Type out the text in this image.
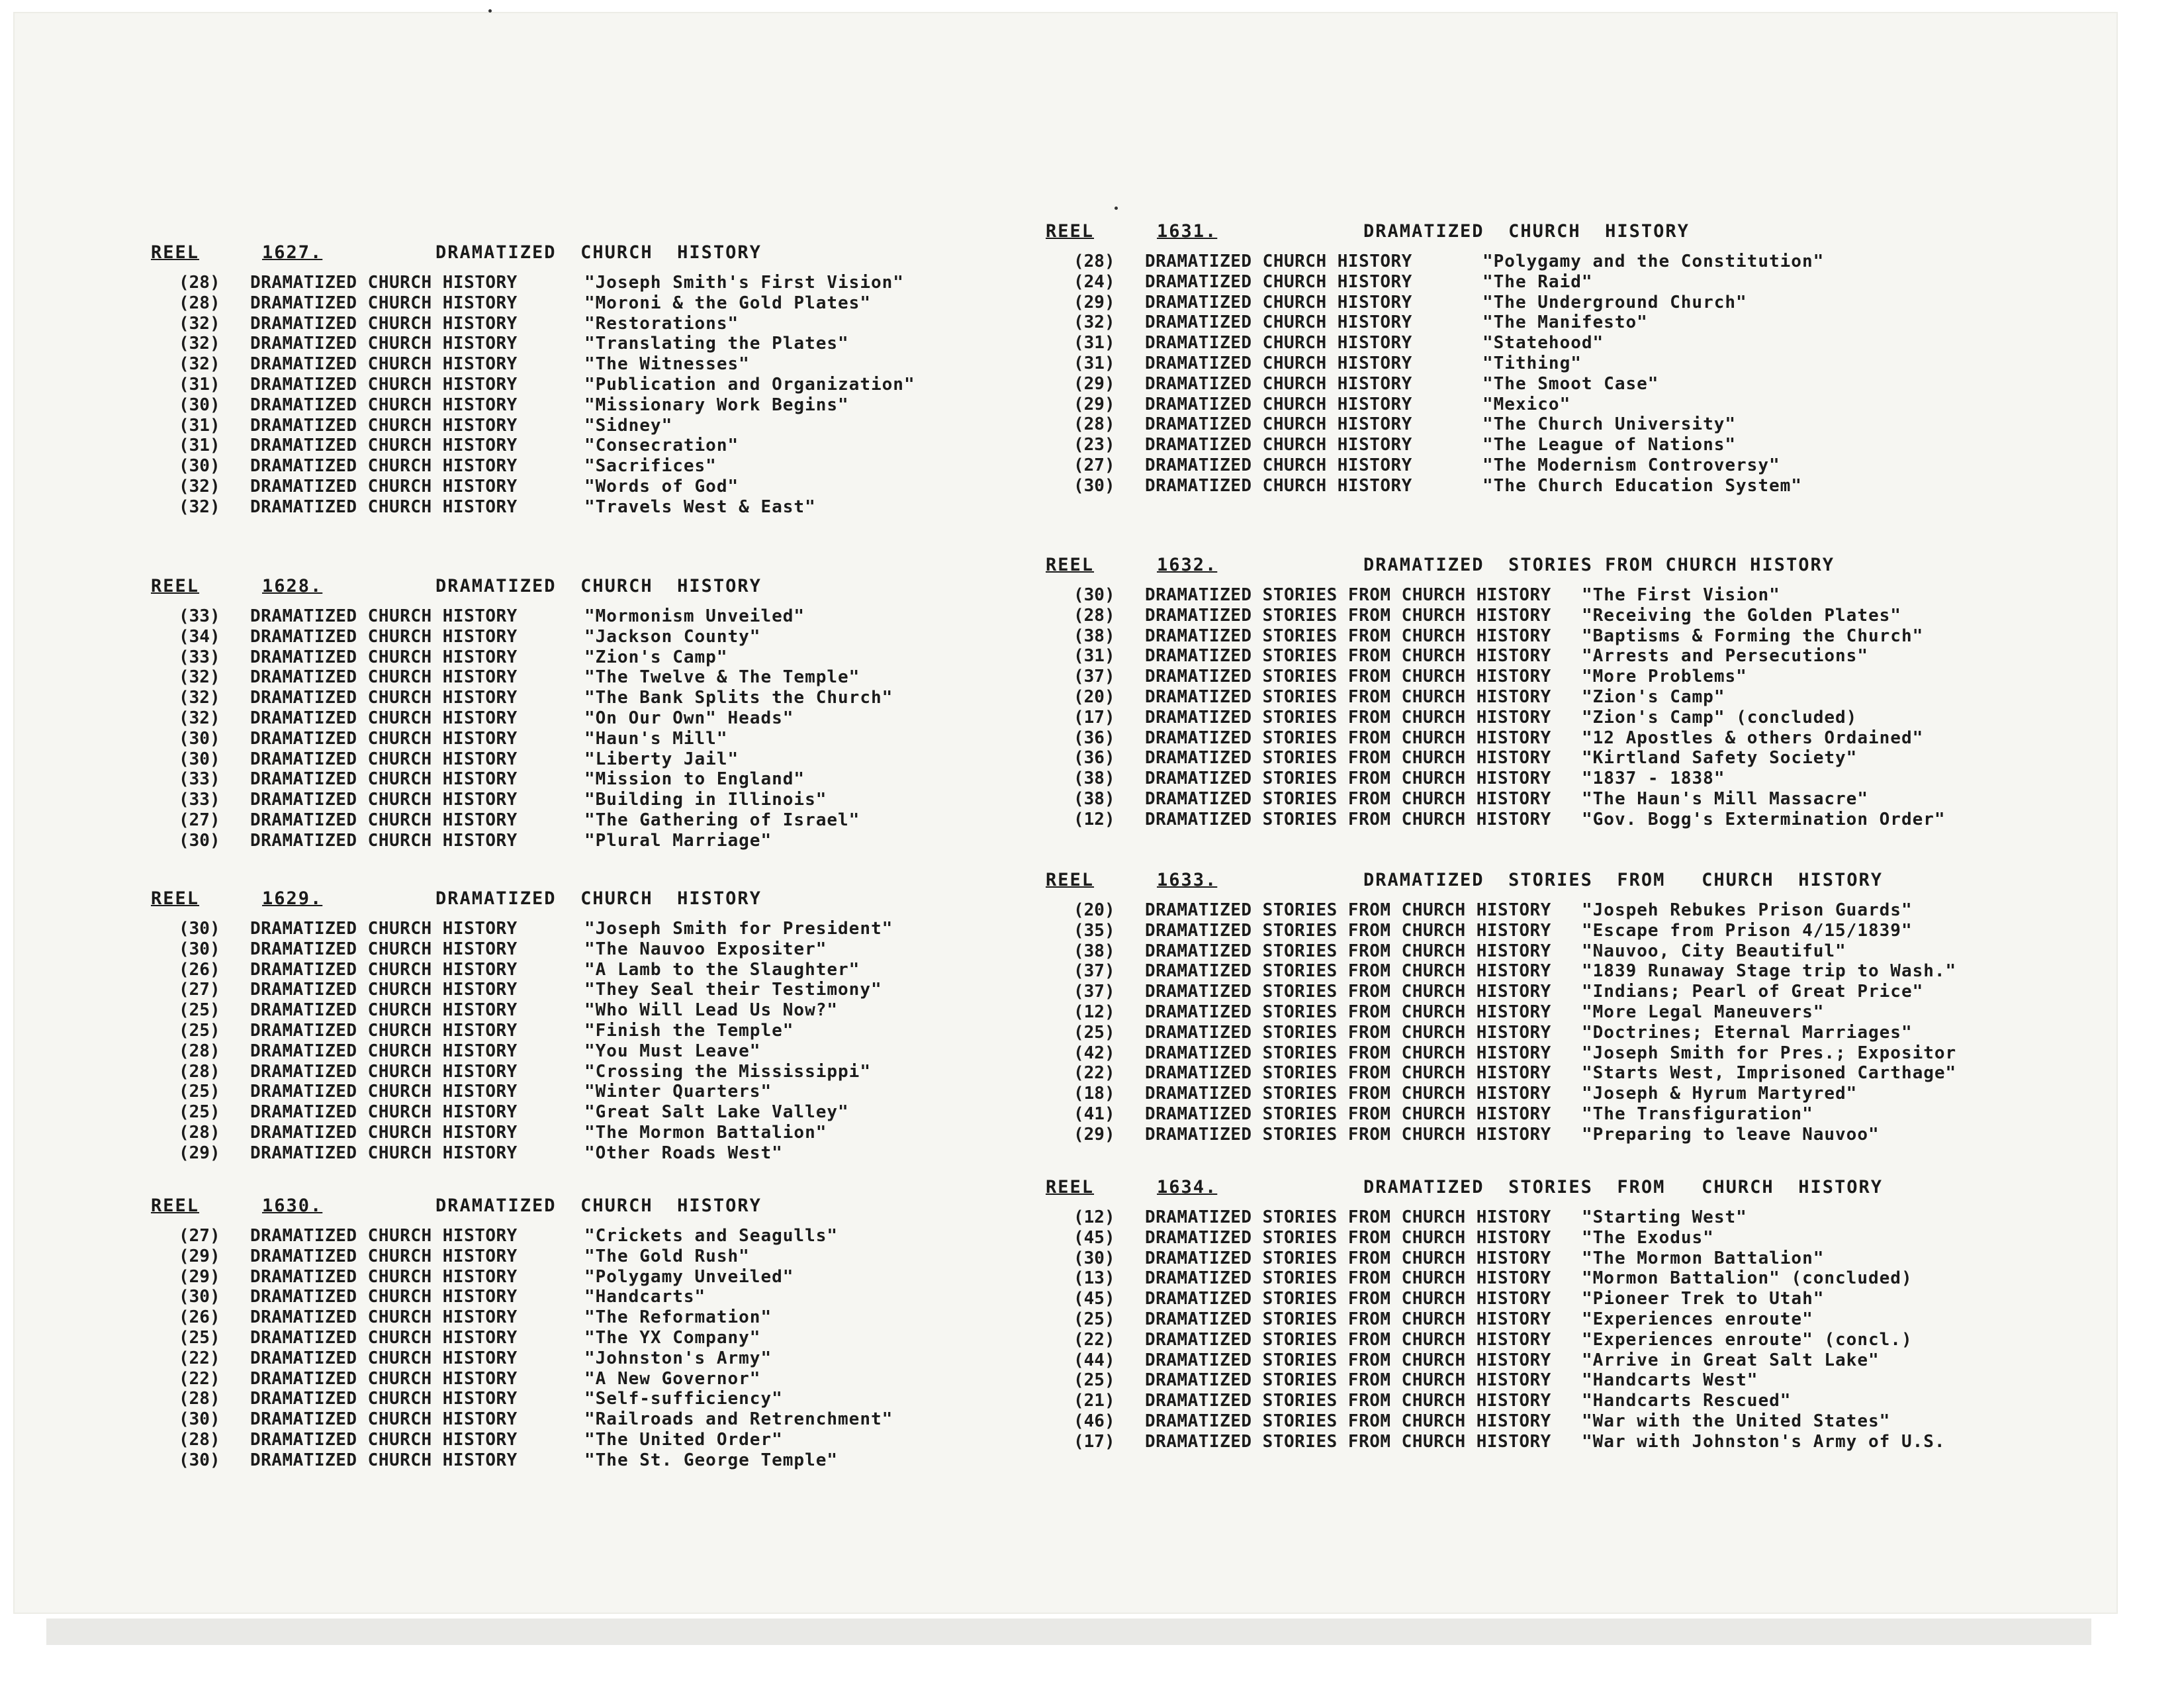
REEL	1627.	DRAMATIZED  CHURCH  HISTORY
(28) DRAMATIZED CHURCH HISTORY	"Joseph Smith's First Vision"
(28) DRAMATIZED CHURCH HISTORY	"Moroni & the Gold Plates"
(32) DRAMATIZED CHURCH HISTORY	"Restorations"
(32) DRAMATIZED CHURCH HISTORY	"Translating the Plates"
(32) DRAMATIZED CHURCH HISTORY	"The Witnesses"
(31) DRAMATIZED CHURCH HISTORY	"Publication and Organization"
(30) DRAMATIZED CHURCH HISTORY	"Missionary Work Begins"
(31) DRAMATIZED CHURCH HISTORY	"Sidney"
(31) DRAMATIZED CHURCH HISTORY	"Consecration"
(30) DRAMATIZED CHURCH HISTORY	"Sacrifices"
(32) DRAMATIZED CHURCH HISTORY	"Words of God"
(32) DRAMATIZED CHURCH HISTORY	"Travels West & East"
REEL	1628.	DRAMATIZED  CHURCH  HISTORY
(33) DRAMATIZED CHURCH HISTORY	"Mormonism Unveiled"
(34) DRAMATIZED CHURCH HISTORY	"Jackson County"
(33) DRAMATIZED CHURCH HISTORY	"Zion's Camp"
(32) DRAMATIZED CHURCH HISTORY	"The Twelve & The Temple"
(32) DRAMATIZED CHURCH HISTORY	"The Bank Splits the Church"
(32) DRAMATIZED CHURCH HISTORY	"On Our Own" Heads"
(30) DRAMATIZED CHURCH HISTORY	"Haun's Mill"
(30) DRAMATIZED CHURCH HISTORY	"Liberty Jail"
(33) DRAMATIZED CHURCH HISTORY	"Mission to England"
(33) DRAMATIZED CHURCH HISTORY	"Building in Illinois"
(27) DRAMATIZED CHURCH HISTORY	"The Gathering of Israel"
(30) DRAMATIZED CHURCH HISTORY	"Plural Marriage"
REEL	1629.	DRAMATIZED  CHURCH  HISTORY
(30) DRAMATIZED CHURCH HISTORY	"Joseph Smith for President"
(30) DRAMATIZED CHURCH HISTORY	"The Nauvoo Expositer"
(26) DRAMATIZED CHURCH HISTORY	"A Lamb to the Slaughter"
(27) DRAMATIZED CHURCH HISTORY	"They Seal their Testimony"
(25) DRAMATIZED CHURCH HISTORY	"Who Will Lead Us Now?"
(25) DRAMATIZED CHURCH HISTORY	"Finish the Temple"
(28) DRAMATIZED CHURCH HISTORY	"You Must Leave"
(28) DRAMATIZED CHURCH HISTORY	"Crossing the Mississippi"
(25) DRAMATIZED CHURCH HISTORY	"Winter Quarters"
(25) DRAMATIZED CHURCH HISTORY	"Great Salt Lake Valley"
(28) DRAMATIZED CHURCH HISTORY	"The Mormon Battalion"
(29) DRAMATIZED CHURCH HISTORY	"Other Roads West"
REEL	1630.	DRAMATIZED  CHURCH  HISTORY
(27) DRAMATIZED CHURCH HISTORY	"Crickets and Seagulls"
(29) DRAMATIZED CHURCH HISTORY	"The Gold Rush"
(29) DRAMATIZED CHURCH HISTORY	"Polygamy Unveiled"
(30) DRAMATIZED CHURCH HISTORY	"Handcarts"
(26) DRAMATIZED CHURCH HISTORY	"The Reformation"
(25) DRAMATIZED CHURCH HISTORY	"The YX Company"
(22) DRAMATIZED CHURCH HISTORY	"Johnston's Army"
(22) DRAMATIZED CHURCH HISTORY	"A New Governor"
(28) DRAMATIZED CHURCH HISTORY	"Self-sufficiency"
(30) DRAMATIZED CHURCH HISTORY	"Railroads and Retrenchment"
(28) DRAMATIZED CHURCH HISTORY	"The United Order"
(30) DRAMATIZED CHURCH HISTORY	"The St. George Temple"
REEL	1631.	DRAMATIZED  CHURCH  HISTORY
(28) DRAMATIZED CHURCH HISTORY	"Polygamy and the Constitution"
(24) DRAMATIZED CHURCH HISTORY	"The Raid"
(29) DRAMATIZED CHURCH HISTORY	"The Underground Church"
(32) DRAMATIZED CHURCH HISTORY	"The Manifesto"
(31) DRAMATIZED CHURCH HISTORY	"Statehood"
(31) DRAMATIZED CHURCH HISTORY	"Tithing"
(29) DRAMATIZED CHURCH HISTORY	"The Smoot Case"
(29) DRAMATIZED CHURCH HISTORY	"Mexico"
(28) DRAMATIZED CHURCH HISTORY	"The Church University"
(23) DRAMATIZED CHURCH HISTORY	"The League of Nations"
(27) DRAMATIZED CHURCH HISTORY	"The Modernism Controversy"
(30) DRAMATIZED CHURCH HISTORY	"The Church Education System"
REEL	1632.	DRAMATIZED  STORIES FROM CHURCH HISTORY
(30) DRAMATIZED STORIES FROM CHURCH HISTORY "The First Vision"
(28) DRAMATIZED STORIES FROM CHURCH HISTORY "Receiving the Golden Plates"
(38) DRAMATIZED STORIES FROM CHURCH HISTORY "Baptisms & Forming the Church"
(31) DRAMATIZED STORIES FROM CHURCH HISTORY "Arrests and Persecutions"
(37) DRAMATIZED STORIES FROM CHURCH HISTORY "More Problems"
(20) DRAMATIZED STORIES FROM CHURCH HISTORY "Zion's Camp"
(17) DRAMATIZED STORIES FROM CHURCH HISTORY "Zion's Camp" (concluded)
(36) DRAMATIZED STORIES FROM CHURCH HISTORY "12 Apostles & others Ordained"
(36) DRAMATIZED STORIES FROM CHURCH HISTORY "Kirtland Safety Society"
(38) DRAMATIZED STORIES FROM CHURCH HISTORY "1837 - 1838"
(38) DRAMATIZED STORIES FROM CHURCH HISTORY "The Haun's Mill Massacre"
(12) DRAMATIZED STORIES FROM CHURCH HISTORY "Gov. Bogg's Extermination Order"
REEL	1633.	DRAMATIZED  STORIES  FROM   CHURCH  HISTORY
(20) DRAMATIZED STORIES FROM CHURCH HISTORY "Jospeh Rebukes Prison Guards"
(35) DRAMATIZED STORIES FROM CHURCH HISTORY "Escape from Prison 4/15/1839"
(38) DRAMATIZED STORIES FROM CHURCH HISTORY "Nauvoo, City Beautiful"
(37) DRAMATIZED STORIES FROM CHURCH HISTORY "1839 Runaway Stage trip to Wash."
(37) DRAMATIZED STORIES FROM CHURCH HISTORY "Indians; Pearl of Great Price"
(12) DRAMATIZED STORIES FROM CHURCH HISTORY "More Legal Maneuvers"
(25) DRAMATIZED STORIES FROM CHURCH HISTORY "Doctrines; Eternal Marriages"
(42) DRAMATIZED STORIES FROM CHURCH HISTORY "Joseph Smith for Pres.; Expositor
(22) DRAMATIZED STORIES FROM CHURCH HISTORY "Starts West, Imprisoned Carthage"
(18) DRAMATIZED STORIES FROM CHURCH HISTORY "Joseph & Hyrum Martyred"
(41) DRAMATIZED STORIES FROM CHURCH HISTORY "The Transfiguration"
(29) DRAMATIZED STORIES FROM CHURCH HISTORY "Preparing to leave Nauvoo"
REEL	1634.	DRAMATIZED  STORIES  FROM   CHURCH  HISTORY
(12) DRAMATIZED STORIES FROM CHURCH HISTORY "Starting West"
(45) DRAMATIZED STORIES FROM CHURCH HISTORY "The Exodus"
(30) DRAMATIZED STORIES FROM CHURCH HISTORY "The Mormon Battalion"
(13) DRAMATIZED STORIES FROM CHURCH HISTORY "Mormon Battalion" (concluded)
(45) DRAMATIZED STORIES FROM CHURCH HISTORY "Pioneer Trek to Utah"
(25) DRAMATIZED STORIES FROM CHURCH HISTORY "Experiences enroute"
(22) DRAMATIZED STORIES FROM CHURCH HISTORY "Experiences enroute" (concl.)
(44) DRAMATIZED STORIES FROM CHURCH HISTORY "Arrive in Great Salt Lake"
(25) DRAMATIZED STORIES FROM CHURCH HISTORY "Handcarts West"
(21) DRAMATIZED STORIES FROM CHURCH HISTORY "Handcarts Rescued"
(46) DRAMATIZED STORIES FROM CHURCH HISTORY "War with the United States"
(17) DRAMATIZED STORIES FROM CHURCH HISTORY "War with Johnston's Army of U.S.
